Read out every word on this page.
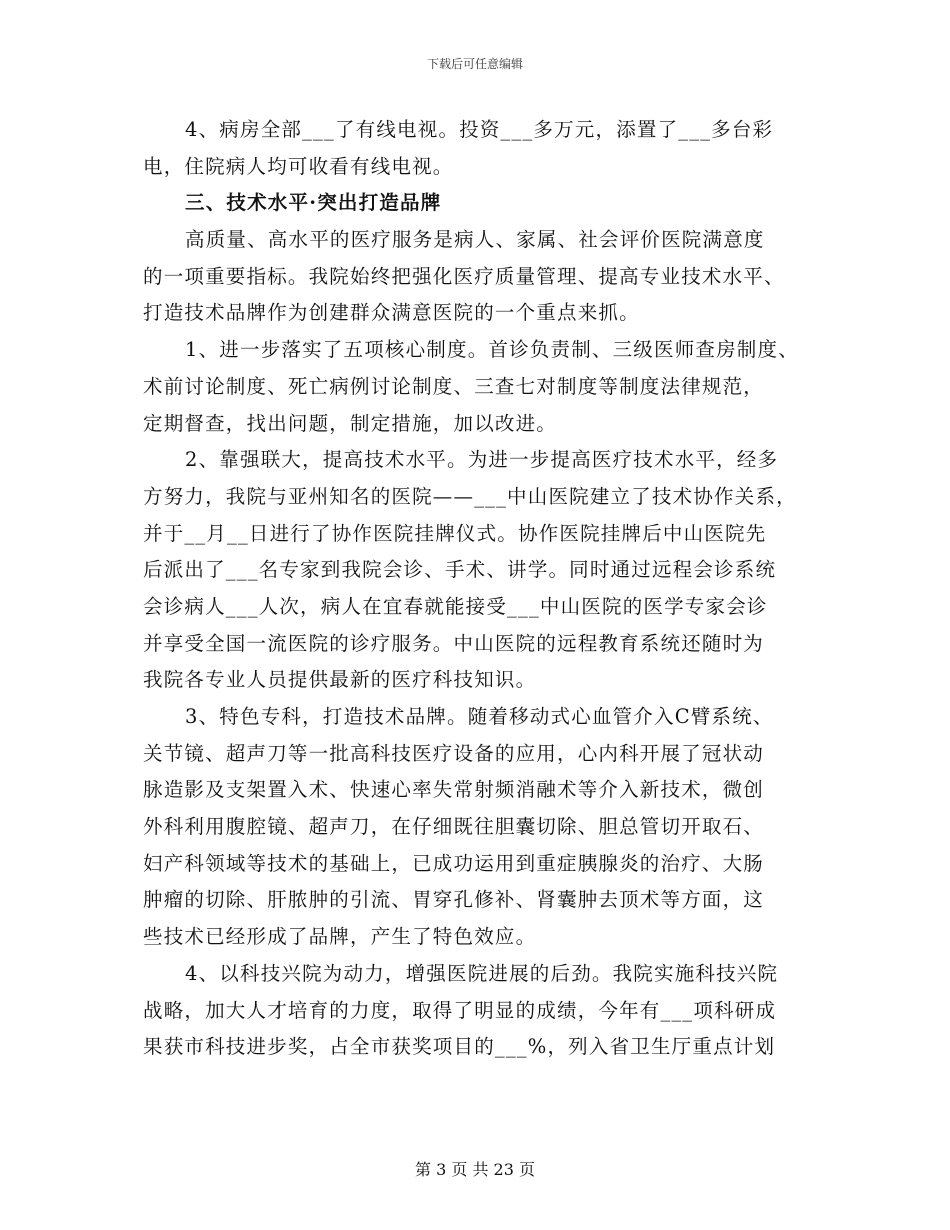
下载后可任意编辑
4、病房全部___了有线电视。投资___多万元，添置了___多台彩
电，住院病人均可收看有线电视。
三、技术水平·突出打造品牌
高质量、高水平的医疗服务是病人、家属、社会评价医院满意度
的一项重要指标。我院始终把强化医疗质量管理、提高专业技术水平、
打造技术品牌作为创建群众满意医院的一个重点来抓。
1、进一步落实了五项核心制度。首诊负责制、三级医师查房制度、
术前讨论制度、死亡病例讨论制度、三查七对制度等制度法律规范，
定期督查，找出问题，制定措施，加以改进。
2、靠强联大，提高技术水平。为进一步提高医疗技术水平，经多
方努力，我院与亚州知名的医院——___中山医院建立了技术协作关系，
并于__月__日进行了协作医院挂牌仪式。协作医院挂牌后中山医院先
后派出了___名专家到我院会诊、手术、讲学。同时通过远程会诊系统
会诊病人___人次，病人在宜春就能接受___中山医院的医学专家会诊
并享受全国一流医院的诊疗服务。中山医院的远程教育系统还随时为
我院各专业人员提供最新的医疗科技知识。
3、特色专科，打造技术品牌。随着移动式心血管介入C臂系统、
关节镜、超声刀等一批高科技医疗设备的应用，心内科开展了冠状动
脉造影及支架置入术、快速心率失常射频消融术等介入新技术，微创
外科利用腹腔镜、超声刀，在仔细既往胆囊切除、胆总管切开取石、
妇产科领域等技术的基础上，已成功运用到重症胰腺炎的治疗、大肠
肿瘤的切除、肝脓肿的引流、胃穿孔修补、肾囊肿去顶术等方面，这
些技术已经形成了品牌，产生了特色效应。
4、以科技兴院为动力，增强医院进展的后劲。我院实施科技兴院
战略，加大人才培育的力度，取得了明显的成绩，今年有___项科研成
果获市科技进步奖，占全市获奖项目的___%，列入省卫生厅重点计划
第 3 页 共 23 页
